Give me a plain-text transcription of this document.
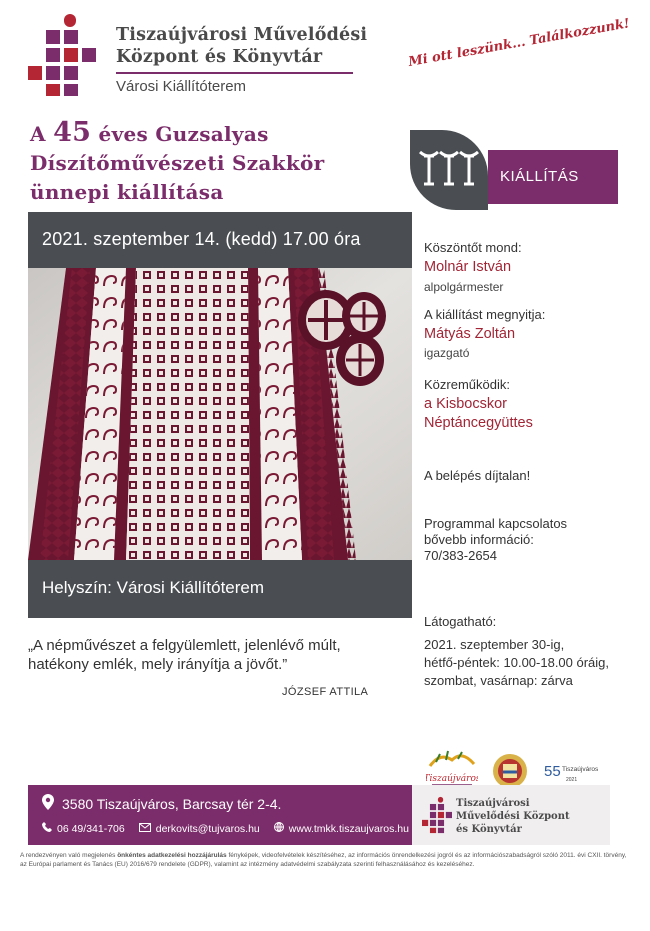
Tiszaújvárosi Művelődési
Központ és Könyvtár
Városi Kiállítóterem
Mi ott leszünk... Találkozzunk!
A 45 éves Guzsalyas
Díszítőművészeti Szakkör
ünnepi kiállítása
KIÁLLÍTÁS
2021. szeptember 14. (kedd) 17.00 óra
Helyszín: Városi Kiállítóterem
„A népművészet a felgyülemlett, jelenlévő múlt,
hatékony emlék, mely irányítja a jövőt.”
JÓZSEF ATTILA
Köszöntőt mond:
Molnár István
alpolgármester
A kiállítást megnyitja:
Mátyás Zoltán
igazgató
Közreműködik:
a Kisbocskor
Néptáncegyüttes
A belépés díjtalan!
Programmal kapcsolatos
bővebb információ:
70/383-2654
Látogatható:
2021. szeptember 30-ig,
hétfő-péntek: 10.00-18.00 óráig,
szombat, vasárnap: zárva
Tiszaújváros	55 Tiszaújváros
2021
3580 Tiszaújváros, Barcsay tér 2-4.
06 49/341-706	derkovits@tujvaros.hu	www.tmkk.tiszaujvaros.hu
Tiszaújvárosi
Művelődési Központ
és Könyvtár
A rendezvényen való megjelenés önkéntes adatkezelési hozzájárulás fényképek, videofelvételek készítéséhez, az információs önrendelkezési jogról és az információszabadságról szóló 2011. évi CXII. törvény, az Európai parlament és Tanács (EU) 2016/679 rendelete (GDPR), valamint az intézmény adatvédelmi szabályzata szerinti felhasználásához és kezeléséhez.
